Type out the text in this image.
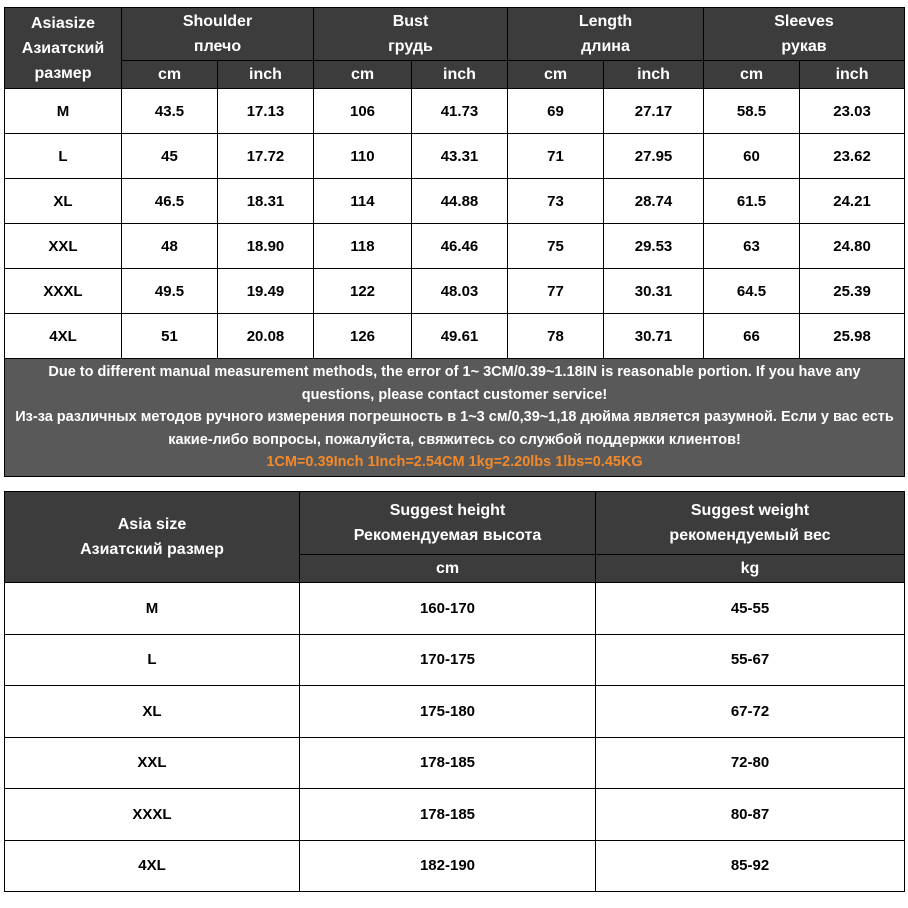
Asiasize
Азиатский
размер	Shoulder
плечо		Bust
грудь		Length
длина		Sleeves
рукав	
	cm	inch	cm	inch	cm	inch	cm	inch
M	43.5	17.13	106	41.73	69	27.17	58.5	23.03
L	45	17.72	110	43.31	71	27.95	60	23.62
XL	46.5	18.31	114	44.88	73	28.74	61.5	24.21
XXL	48	18.90	118	46.46	75	29.53	63	24.80
XXXL	49.5	19.49	122	48.03	77	30.31	64.5	25.39
4XL	51	20.08	126	49.61	78	30.71	66	25.98

Due to different manual measurement methods, the error of 1~ 3CM/0.39~1.18IN is reasonable portion. If you have any questions, please contact customer service!
Из-за различных методов ручного измерения погрешность в 1~3 см/0,39~1,18 дюйма является разумной. Если у вас есть какие-либо вопросы, пожалуйста, свяжитесь со службой поддержки клиентов!
1CM=0.39Inch 1Inch=2.54CM 1kg=2.20lbs 1lbs=0.45KG								
Asia size
Азиатский размер	Suggest height
Рекомендуемая высота	Suggest weight
рекомендуемый вес
	cm	kg
M	160-170	45-55
L	170-175	55-67
XL	175-180	67-72
XXL	178-185	72-80
XXXL	178-185	80-87
4XL	182-190	85-92
